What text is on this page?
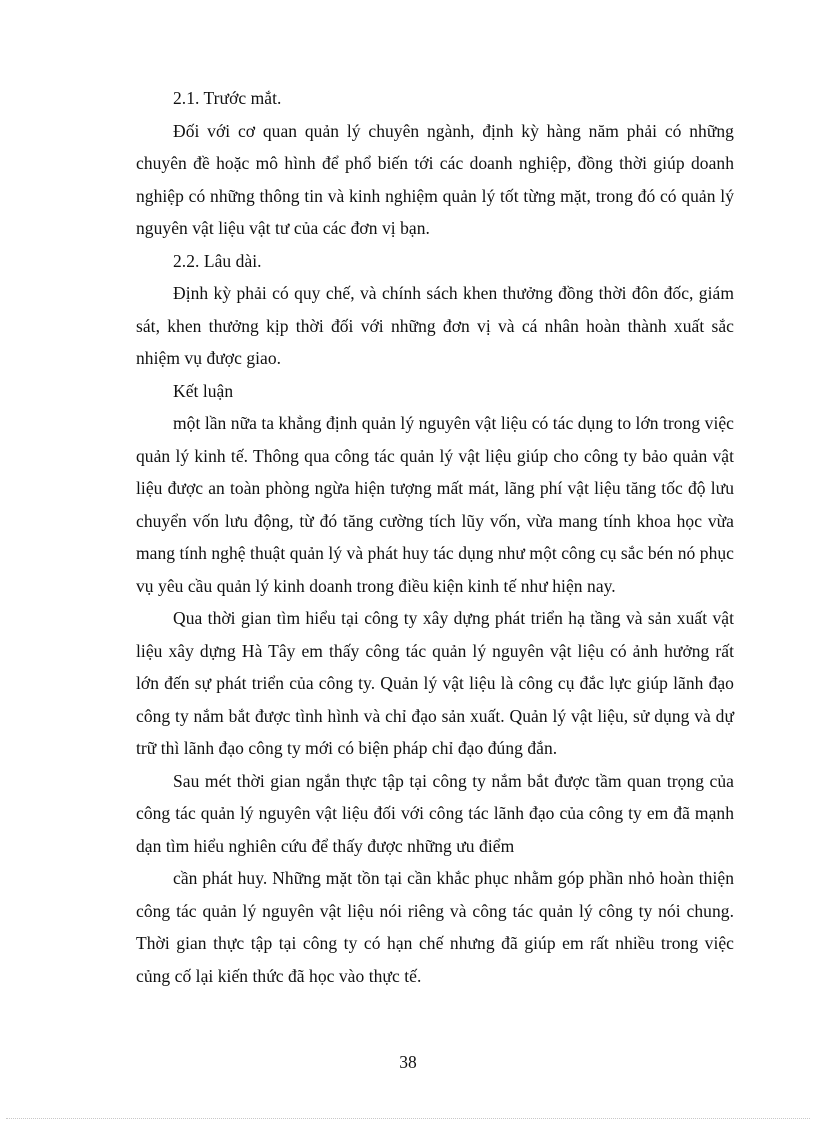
2.1. Trước mắt.

Đối với cơ quan quản lý chuyên ngành, định kỳ hàng năm phải có những chuyên đề hoặc mô hình để phổ biến tới các doanh nghiệp, đồng thời giúp doanh nghiệp có những thông tin và kinh nghiệm quản lý tốt từng mặt, trong đó có quản lý nguyên vật liệu vật tư của các đơn vị bạn.

2.2. Lâu dài.

Định kỳ phải có quy chế, và chính sách khen thưởng đồng thời đôn đốc, giám sát, khen thưởng kịp thời đối với những đơn vị và cá nhân hoàn thành xuất sắc nhiệm vụ được giao.

Kết luận

một lần nữa ta khẳng định quản lý nguyên vật liệu có tác dụng to lớn trong việc quản lý kinh tế. Thông qua công tác quản lý vật liệu giúp cho công ty bảo quản vật liệu được an toàn phòng ngừa hiện tượng mất mát, lãng phí vật liệu tăng tốc độ lưu chuyển vốn lưu động, từ đó tăng cường tích lũy vốn, vừa mang tính khoa học vừa mang tính nghệ thuật quản lý và phát huy tác dụng như một công cụ sắc bén nó phục vụ yêu cầu quản lý kinh doanh trong điều kiện kinh tế như hiện nay.

Qua thời gian tìm hiểu tại công ty xây dựng phát triển hạ tầng và sản xuất vật liệu xây dựng Hà Tây em thấy công tác quản lý nguyên vật liệu có ảnh hưởng rất lớn đến sự phát triển của công ty. Quản lý vật liệu là công cụ đắc lực giúp lãnh đạo công ty nắm bắt được tình hình và chỉ đạo sản xuất. Quản lý vật liệu, sử dụng và dự trữ thì lãnh đạo công ty mới có biện pháp chỉ đạo đúng đắn.

Sau mét thời gian ngắn thực tập tại công ty nắm bắt được tầm quan trọng của công tác quản lý nguyên vật liệu đối với công tác lãnh đạo của công ty em đã mạnh dạn tìm hiểu nghiên cứu để thấy được những ưu điểm

cần phát huy. Những mặt tồn tại cần khắc phục nhằm góp phần nhỏ hoàn thiện công tác quản lý nguyên vật liệu nói riêng và công tác quản lý công ty nói chung. Thời gian thực tập tại công ty có hạn chế nhưng đã giúp em rất nhiều trong việc củng cố lại kiến thức đã học vào thực tế.

38
